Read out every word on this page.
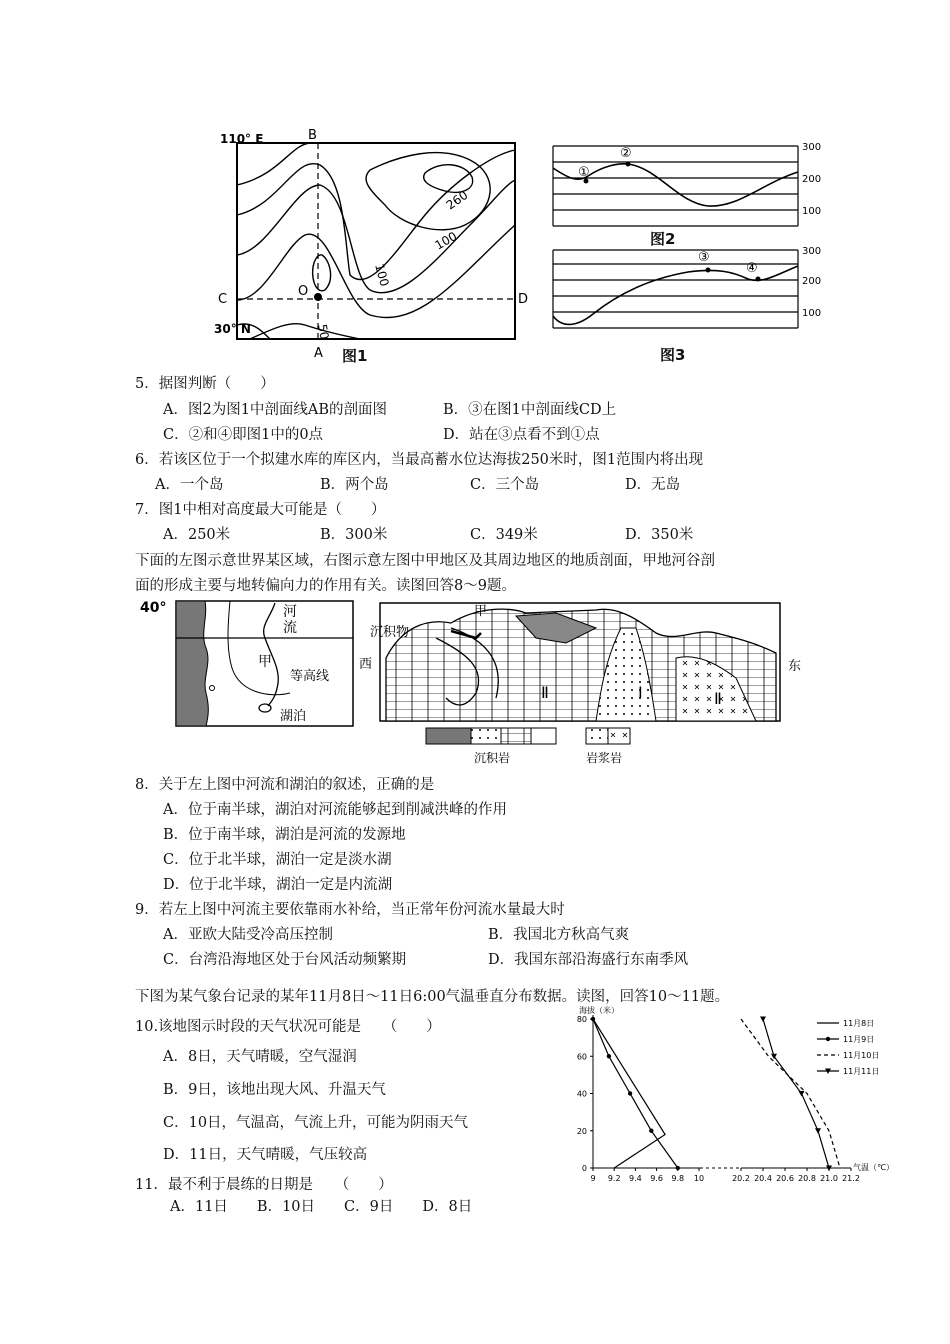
110° E
30° N
B
A
C	D
O
260
100
100
50
图1
300
200
100
①
②
图2
300
200
100
③
④
图3
5．据图判断（　　）
A．图2为图1中剖面线AB的剖面图	B．③在图1中剖面线CD上
C．②和④即图1中的0点	D．站在③点看不到①点
6．若该区位于一个拟建水库的库区内，当最高蓄水位达海拔250米时，图1范围内将出现
A．一个岛	B．两个岛	C．三个岛	D．无岛
7．图1中相对高度最大可能是（　　）
A．250米	B．300米	C．349米	D．350米
下面的左图示意世界某区域，右图示意左图中甲地区及其周边地区的地质剖面，甲地河谷剖
面的形成主要与地转偏向力的作用有关。读图回答8～9题。
40°	河
流
甲
等高线
湖泊
甲
沉积物
西	东
Ⅱ	Ⅰ	Ⅱ
沉积岩	岩浆岩
8．关于左上图中河流和湖泊的叙述，正确的是
A．位于南半球，湖泊对河流能够起到削减洪峰的作用
B．位于南半球，湖泊是河流的发源地
C．位于北半球，湖泊一定是淡水湖
D．位于北半球，湖泊一定是内流湖
9．若左上图中河流主要依靠雨水补给，当正常年份河流水量最大时
A．亚欧大陆受冷高压控制	B．我国北方秋高气爽
C．台湾沿海地区处于台风活动频繁期	D．我国东部沿海盛行东南季风
下图为某气象台记录的某年11月8日～11日6:00气温垂直分布数据。读图，回答10～11题。
10.该地图示时段的天气状况可能是　　（　　）
A．8日，天气晴暖，空气湿润
B．9日，该地出现大风、升温天气
C．10日，气温高，气流上升，可能为阴雨天气
D．11日，天气晴暖，气压较高
11．最不利于晨练的日期是　　（　　）
A．11日　　B．10日　　C．9日　　D．8日
80
60
40
20
0
9 9.2 9.4 9.6 9.8 10	20.2 20.4 20.6 20.8 21.0 21.2
海拔（米）
气温（℃）
11月8日
11月9日
11月10日
11月11日
